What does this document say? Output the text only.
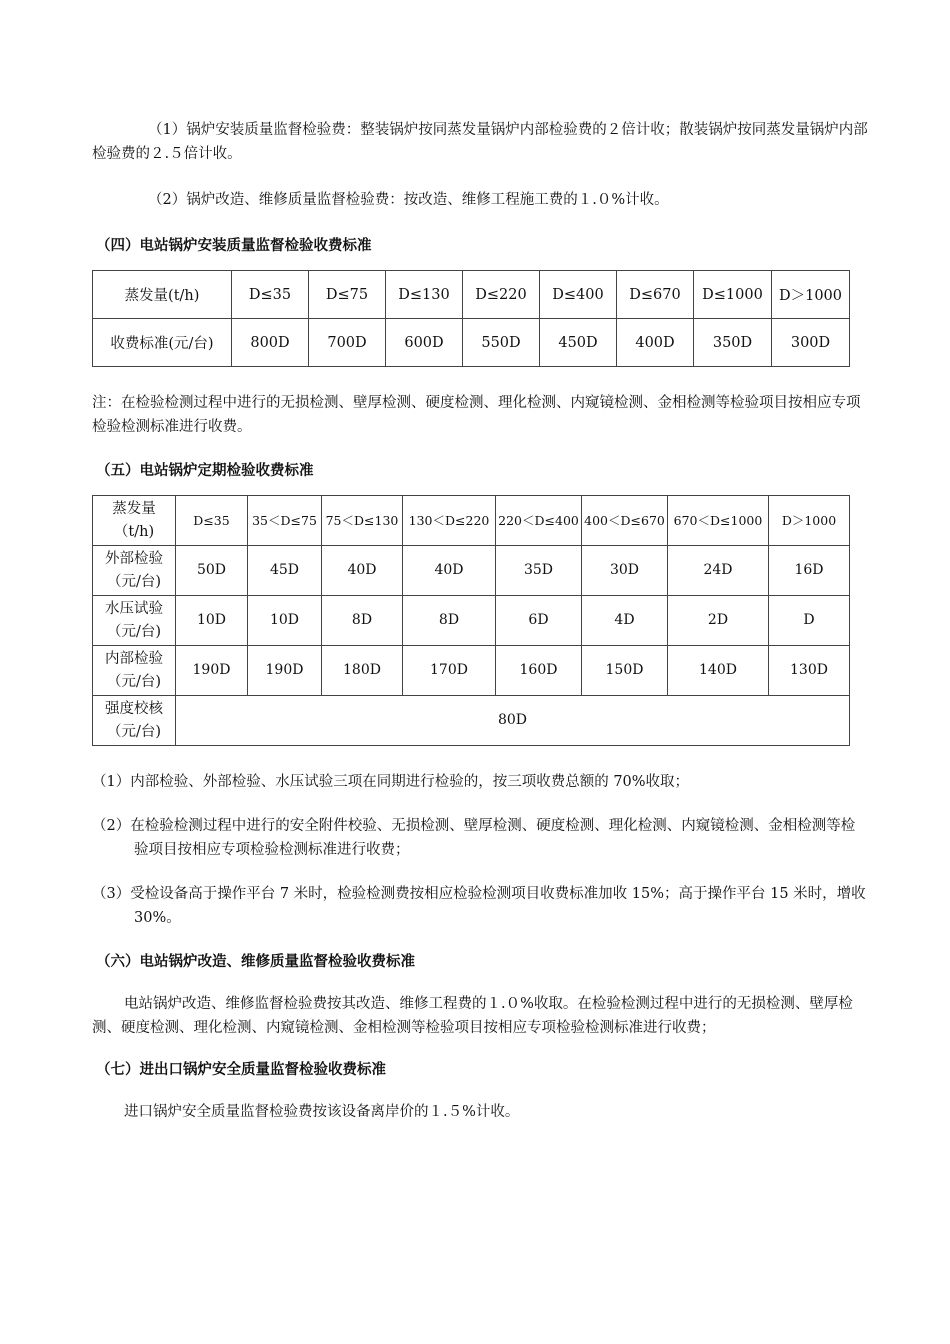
（1）锅炉安装质量监督检验费：整装锅炉按同蒸发量锅炉内部检验费的２倍计收；散装锅炉按同蒸发量锅炉内部检验费的２.５倍计收。

（2）锅炉改造、维修质量监督检验费：按改造、维修工程施工费的１.０%计收。

（四）电站锅炉安装质量监督检验收费标准

蒸发量(t/h)	D≤35	D≤75	D≤130	D≤220	D≤400	D≤670	D≤1000	D＞1000
收费标准(元/台)	800D	700D	600D	550D	450D	400D	350D	300D

注：在检验检测过程中进行的无损检测、壁厚检测、硬度检测、理化检测、内窥镜检测、金相检测等检验项目按相应专项检验检测标准进行收费。

（五）电站锅炉定期检验收费标准

蒸发量（t/h)	D≤35	35＜D≤75	75＜D≤130	130＜D≤220	220＜D≤400	400＜D≤670	670＜D≤1000	D＞1000
外部检验（元/台)	50D	45D	40D	40D	35D	30D	24D	16D
水压试验（元/台)	10D	10D	8D	8D	6D	4D	2D	D
内部检验（元/台)	190D	190D	180D	170D	160D	150D	140D	130D
强度校核（元/台)	80D							

（1）内部检验、外部检验、水压试验三项在同期进行检验的，按三项收费总额的 70%收取；

（2）在检验检测过程中进行的安全附件校验、无损检测、壁厚检测、硬度检测、理化检测、内窥镜检测、金相检测等检验项目按相应专项检验检测标准进行收费；

（3）受检设备高于操作平台 7 米时，检验检测费按相应检验检测项目收费标准加收 15%；高于操作平台 15 米时，增收 30%。

（六）电站锅炉改造、维修质量监督检验收费标准

电站锅炉改造、维修监督检验费按其改造、维修工程费的１.０%收取。在检验检测过程中进行的无损检测、壁厚检测、硬度检测、理化检测、内窥镜检测、金相检测等检验项目按相应专项检验检测标准进行收费；

（七）进出口锅炉安全质量监督检验收费标准

进口锅炉安全质量监督检验费按该设备离岸价的１.５%计收。
